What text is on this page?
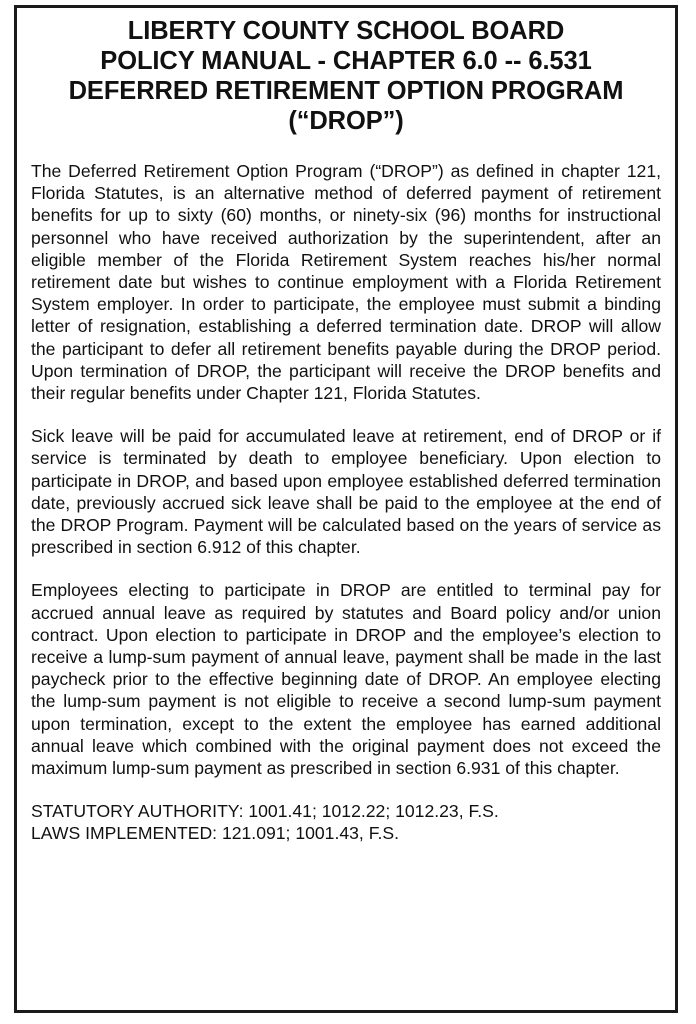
LIBERTY COUNTY SCHOOL BOARD
POLICY MANUAL - CHAPTER 6.0 -- 6.531
DEFERRED RETIREMENT OPTION PROGRAM
(“DROP”)

The Deferred Retirement Option Program (“DROP”) as defined in chapter 121, Florida Statutes, is an alternative method of deferred payment of retirement benefits for up to sixty (60) months, or ninety-six (96) months for instructional personnel who have received authorization by the superintendent, after an eligible member of the Florida Retirement System reaches his/her normal retirement date but wishes to continue employment with a Florida Retirement System employer. In order to participate, the employee must submit a binding letter of resignation, establishing a deferred termination date. DROP will allow the participant to defer all retirement benefits payable during the DROP period. Upon termination of DROP, the participant will receive the DROP benefits and their regular benefits under Chapter 121, Florida Statutes.

Sick leave will be paid for accumulated leave at retirement, end of DROP or if service is terminated by death to employee beneficiary. Upon election to participate in DROP, and based upon employee established deferred termination date, previously accrued sick leave shall be paid to the employee at the end of the DROP Program. Payment will be calculated based on the years of service as prescribed in section 6.912 of this chapter.

Employees electing to participate in DROP are entitled to terminal pay for accrued annual leave as required by statutes and Board policy and/​or union contract. Upon election to participate in DROP and the employee’s election to receive a lump-sum payment of annual leave, payment shall be made in the last paycheck prior to the effective beginning date of DROP. An employee electing the lump-sum payment is not eligible to receive a second lump-sum payment upon termination, except to the extent the employee has earned additional annual leave which combined with the original payment does not exceed the maximum lump-​sum payment as prescribed in section 6.931 of this chapter.

STATUTORY AUTHORITY: 1001.41; 1012.22; 1012.23, F.S.
LAWS IMPLEMENTED: 121.091; 1001.43, F.S.
